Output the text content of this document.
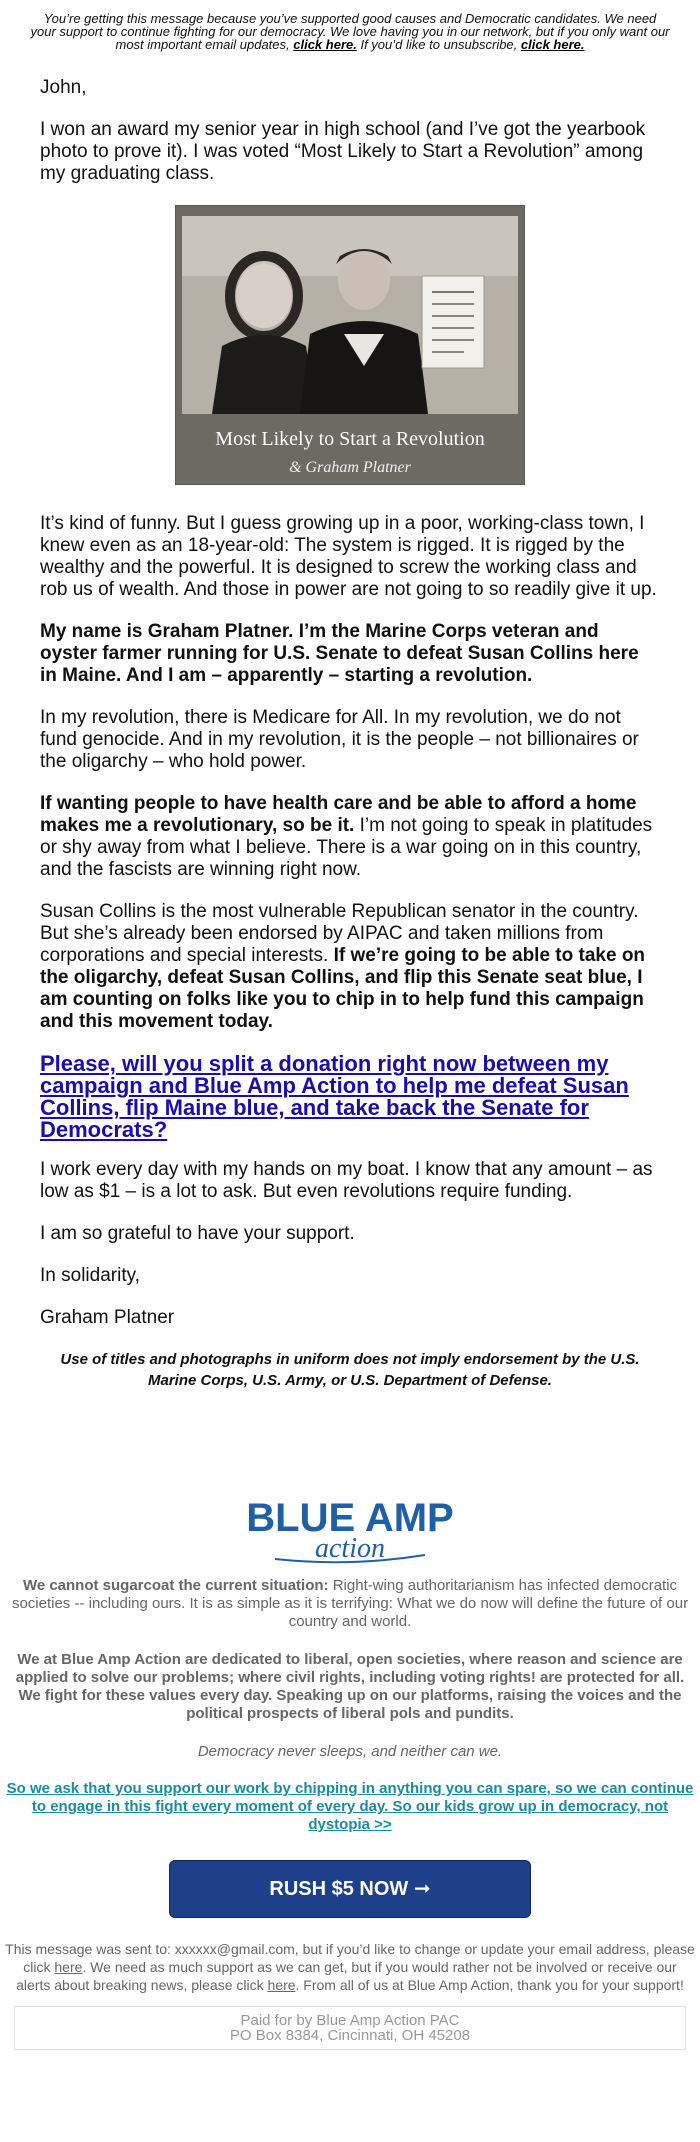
You’re getting this message because you’ve supported good causes and Democratic candidates. We need your support to continue fighting for our democracy. We love having you in our network, but if you only want our most important email updates, click here. If you’d like to unsubscribe, click here.

John,

I won an award my senior year in high school (and I’ve got the yearbook photo to prove it). I was voted “Most Likely to Start a Revolution” among my graduating class.

Most Likely to Start a Revolution
& Graham Platner

It’s kind of funny. But I guess growing up in a poor, working-class town, I knew even as an 18-year-old: The system is rigged. It is rigged by the wealthy and the powerful. It is designed to screw the working class and rob us of wealth. And those in power are not going to so readily give it up.

My name is Graham Platner. I’m the Marine Corps veteran and oyster farmer running for U.S. Senate to defeat Susan Collins here in Maine. And I am – apparently – starting a revolution.

In my revolution, there is Medicare for All. In my revolution, we do not fund genocide. And in my revolution, it is the people – not billionaires or the oligarchy – who hold power.

If wanting people to have health care and be able to afford a home makes me a revolutionary, so be it. I’m not going to speak in platitudes or shy away from what I believe. There is a war going on in this country, and the fascists are winning right now.

Susan Collins is the most vulnerable Republican senator in the country. But she’s already been endorsed by AIPAC and taken millions from corporations and special interests. If we’re going to be able to take on the oligarchy, defeat Susan Collins, and flip this Senate seat blue, I am counting on folks like you to chip in to help fund this campaign and this movement today.

Please, will you split a donation right now between my campaign and Blue Amp Action to help me defeat Susan Collins, flip Maine blue, and take back the Senate for Democrats?

I work every day with my hands on my boat. I know that any amount – as low as $1 – is a lot to ask. But even revolutions require funding.

I am so grateful to have your support.

In solidarity,

Graham Platner

Use of titles and photographs in uniform does not imply endorsement by the U.S. Marine Corps, U.S. Army, or U.S. Department of Defense.
BLUE AMP
action
We cannot sugarcoat the current situation: Right-wing authoritarianism has infected democratic societies -- including ours. It is as simple as it is terrifying: What we do now will define the future of our country and world.
We at Blue Amp Action are dedicated to liberal, open societies, where reason and science are applied to solve our problems; where civil rights, including voting rights! are protected for all. We fight for these values every day. Speaking up on our platforms, raising the voices and the political prospects of liberal pols and pundits.
Democracy never sleeps, and neither can we.
So we ask that you support our work by chipping in anything you can spare, so we can continue to engage in this fight every moment of every day. So our kids grow up in democracy, not dystopia >>
RUSH $5 NOW ➞
This message was sent to: xxxxxx@gmail.com, but if you’d like to change or update your email address, please click here. We need as much support as we can get, but if you would rather not be involved or receive our alerts about breaking news, please click here. From all of us at Blue Amp Action, thank you for your support!
Paid for by Blue Amp Action PAC
PO Box 8384, Cincinnati, OH 45208
